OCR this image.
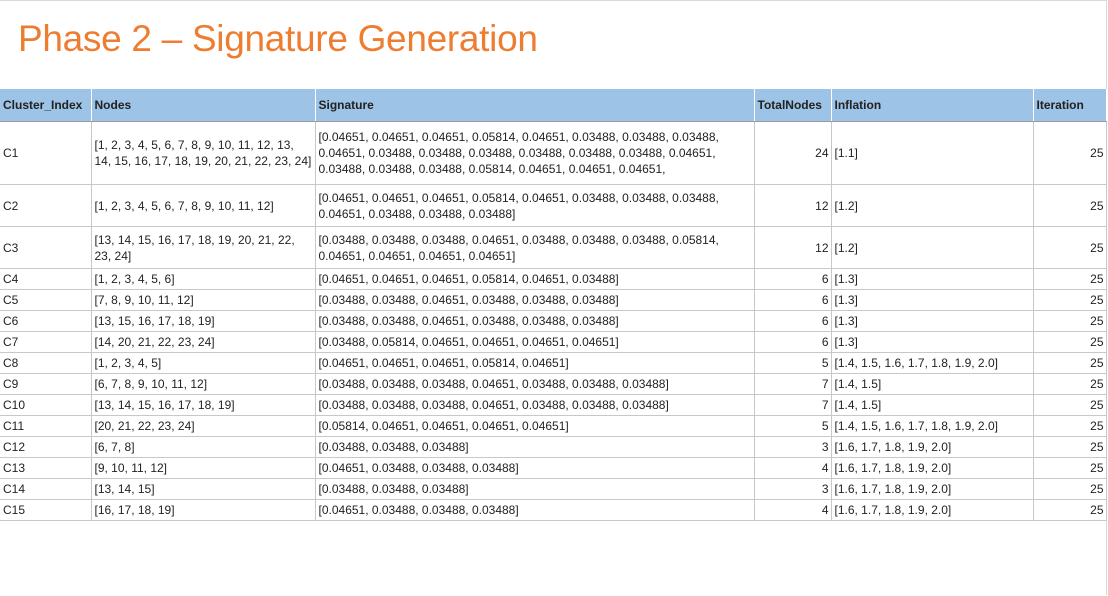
Phase 2 – Signature Generation
Cluster_Index	Nodes	Signature	TotalNodes	Inflation	Iteration
C1	[1, 2, 3, 4, 5, 6, 7, 8, 9, 10, 11, 12, 13, 14, 15, 16, 17, 18, 19, 20, 21, 22, 23, 24]	[0.04651, 0.04651, 0.04651, 0.05814, 0.04651, 0.03488, 0.03488, 0.03488, 0.04651, 0.03488, 0.03488, 0.03488, 0.03488, 0.03488, 0.03488, 0.04651, 0.03488, 0.03488, 0.03488, 0.05814, 0.04651, 0.04651, 0.04651,	24	[1.1]	25
C2	[1, 2, 3, 4, 5, 6, 7, 8, 9, 10, 11, 12]	[0.04651, 0.04651, 0.04651, 0.05814, 0.04651, 0.03488, 0.03488, 0.03488, 0.04651, 0.03488, 0.03488, 0.03488]	12	[1.2]	25
C3	[13, 14, 15, 16, 17, 18, 19, 20, 21, 22, 23, 24]	[0.03488, 0.03488, 0.03488, 0.04651, 0.03488, 0.03488, 0.03488, 0.05814, 0.04651, 0.04651, 0.04651, 0.04651]	12	[1.2]	25
C4	[1, 2, 3, 4, 5, 6]	[0.04651, 0.04651, 0.04651, 0.05814, 0.04651, 0.03488]	6	[1.3]	25
C5	[7, 8, 9, 10, 11, 12]	[0.03488, 0.03488, 0.04651, 0.03488, 0.03488, 0.03488]	6	[1.3]	25
C6	[13, 15, 16, 17, 18, 19]	[0.03488, 0.03488, 0.04651, 0.03488, 0.03488, 0.03488]	6	[1.3]	25
C7	[14, 20, 21, 22, 23, 24]	[0.03488, 0.05814, 0.04651, 0.04651, 0.04651, 0.04651]	6	[1.3]	25
C8	[1, 2, 3, 4, 5]	[0.04651, 0.04651, 0.04651, 0.05814, 0.04651]	5	[1.4, 1.5, 1.6, 1.7, 1.8, 1.9, 2.0]	25
C9	[6, 7, 8, 9, 10, 11, 12]	[0.03488, 0.03488, 0.03488, 0.04651, 0.03488, 0.03488, 0.03488]	7	[1.4, 1.5]	25
C10	[13, 14, 15, 16, 17, 18, 19]	[0.03488, 0.03488, 0.03488, 0.04651, 0.03488, 0.03488, 0.03488]	7	[1.4, 1.5]	25
C11	[20, 21, 22, 23, 24]	[0.05814, 0.04651, 0.04651, 0.04651, 0.04651]	5	[1.4, 1.5, 1.6, 1.7, 1.8, 1.9, 2.0]	25
C12	[6, 7, 8]	[0.03488, 0.03488, 0.03488]	3	[1.6, 1.7, 1.8, 1.9, 2.0]	25
C13	[9, 10, 11, 12]	[0.04651, 0.03488, 0.03488, 0.03488]	4	[1.6, 1.7, 1.8, 1.9, 2.0]	25
C14	[13, 14, 15]	[0.03488, 0.03488, 0.03488]	3	[1.6, 1.7, 1.8, 1.9, 2.0]	25
C15	[16, 17, 18, 19]	[0.04651, 0.03488, 0.03488, 0.03488]	4	[1.6, 1.7, 1.8, 1.9, 2.0]	25
